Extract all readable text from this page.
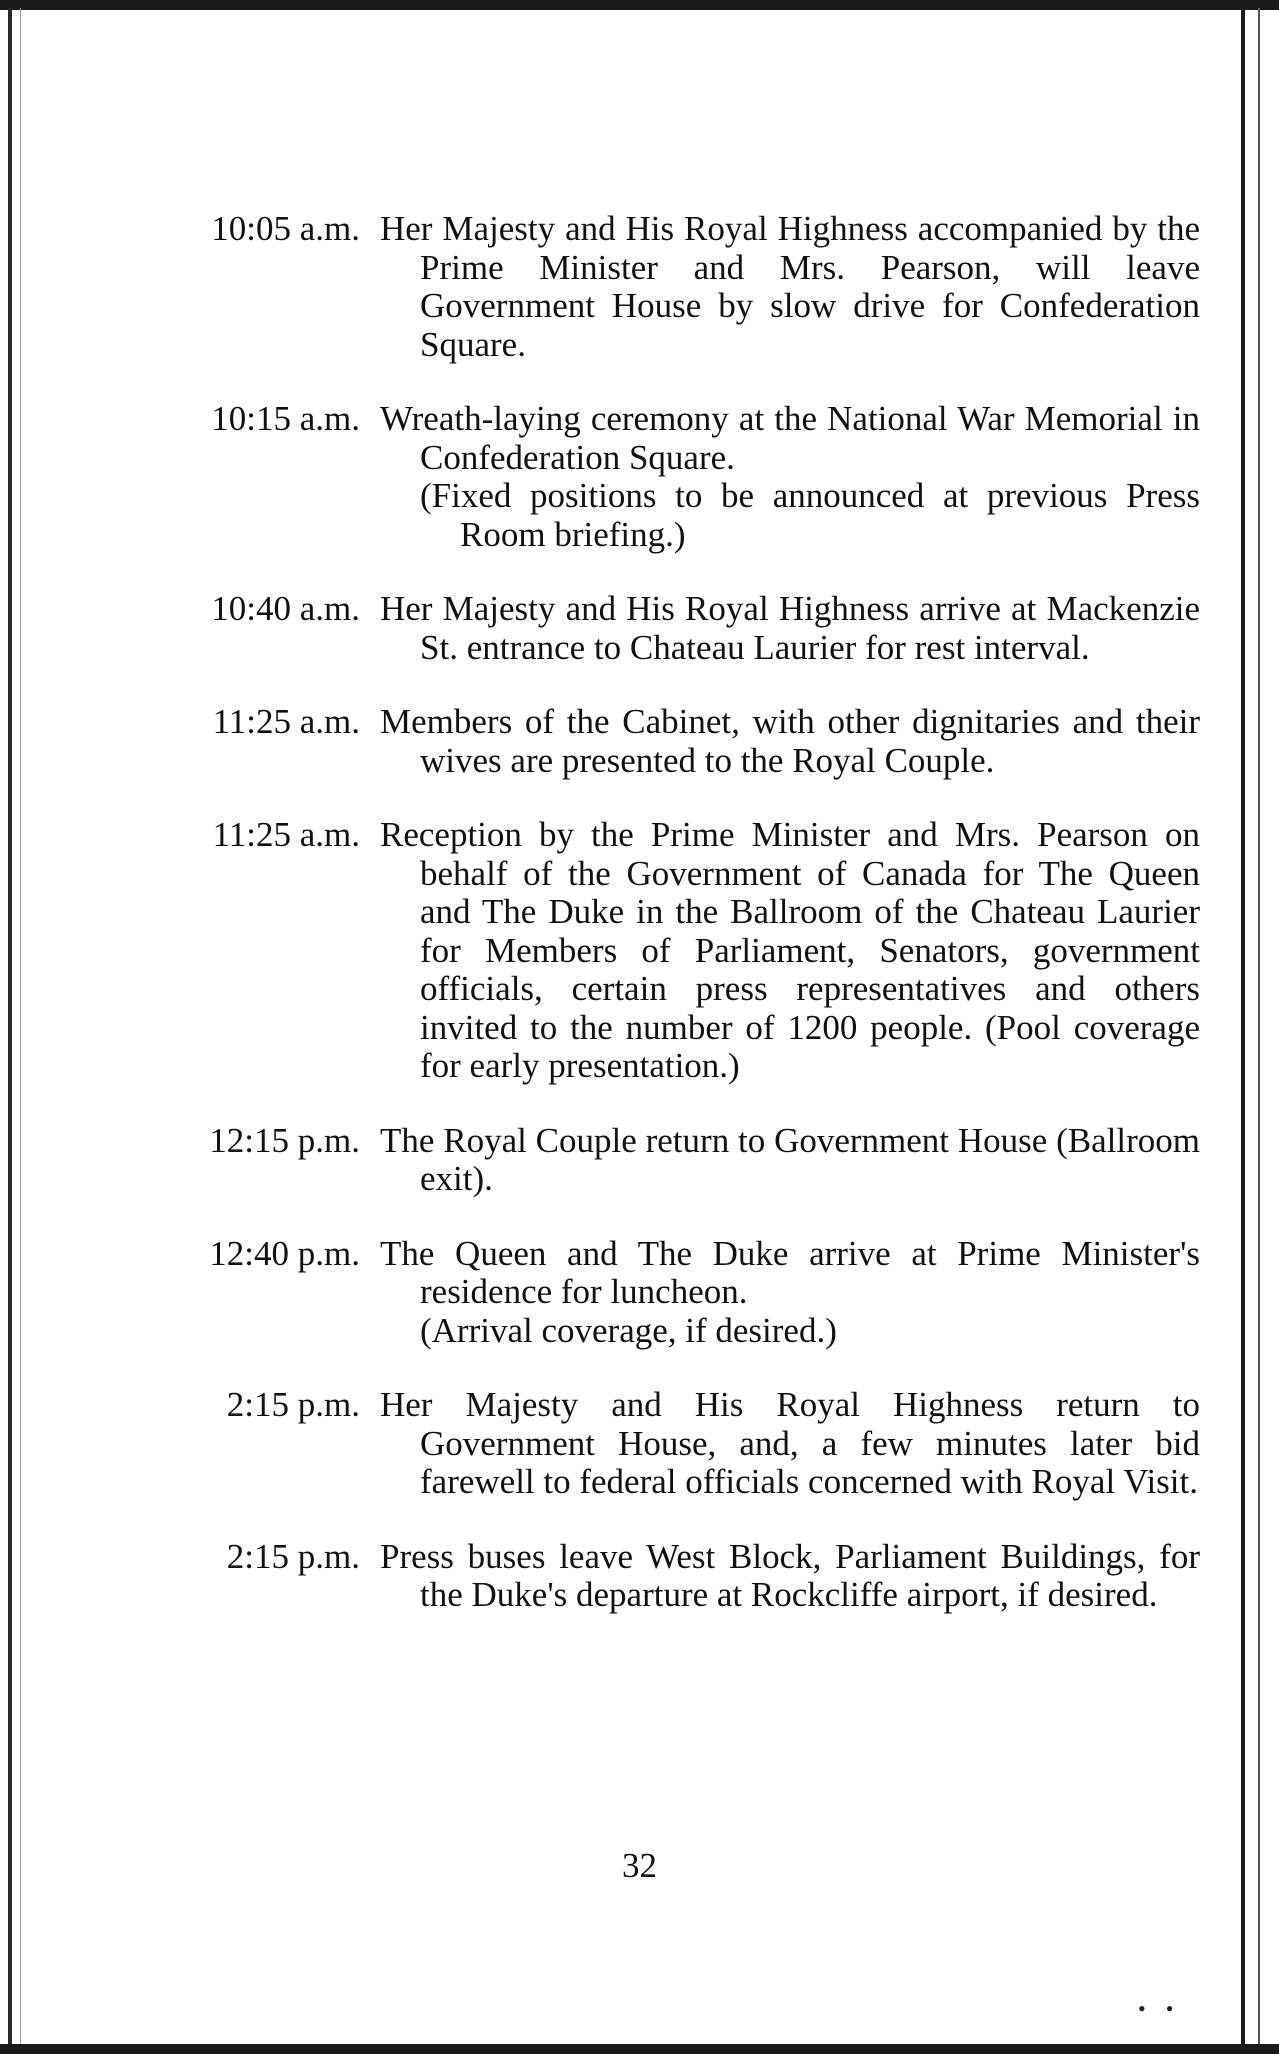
10:05 a.m. Her Majesty and His Royal Highness accompanied by the Prime Minister and Mrs. Pearson, will leave Government House by slow drive for Confederation Square.
10:15 a.m. Wreath-laying ceremony at the National War Memorial in Confederation Square.
(Fixed positions to be announced at previous Press Room briefing.)
10:40 a.m. Her Majesty and His Royal Highness arrive at Mackenzie St. entrance to Chateau Laurier for rest interval.
11:25 a.m. Members of the Cabinet, with other dignitaries and their wives are presented to the Royal Couple.
11:25 a.m. Reception by the Prime Minister and Mrs. Pearson on behalf of the Government of Canada for The Queen and The Duke in the Ballroom of the Chateau Laurier for Members of Parliament, Senators, government officials, certain press representatives and others invited to the number of 1200 people. (Pool coverage for early presentation.)
12:15 p.m. The Royal Couple return to Government House (Ballroom exit).
12:40 p.m. The Queen and The Duke arrive at Prime Minister's residence for luncheon.
(Arrival coverage, if desired.)
2:15 p.m. Her Majesty and His Royal Highness return to Government House, and, a few minutes later bid farewell to federal officials concerned with Royal Visit.
2:15 p.m. Press buses leave West Block, Parliament Buildings, for the Duke's departure at Rockcliffe airport, if desired.
32
••
